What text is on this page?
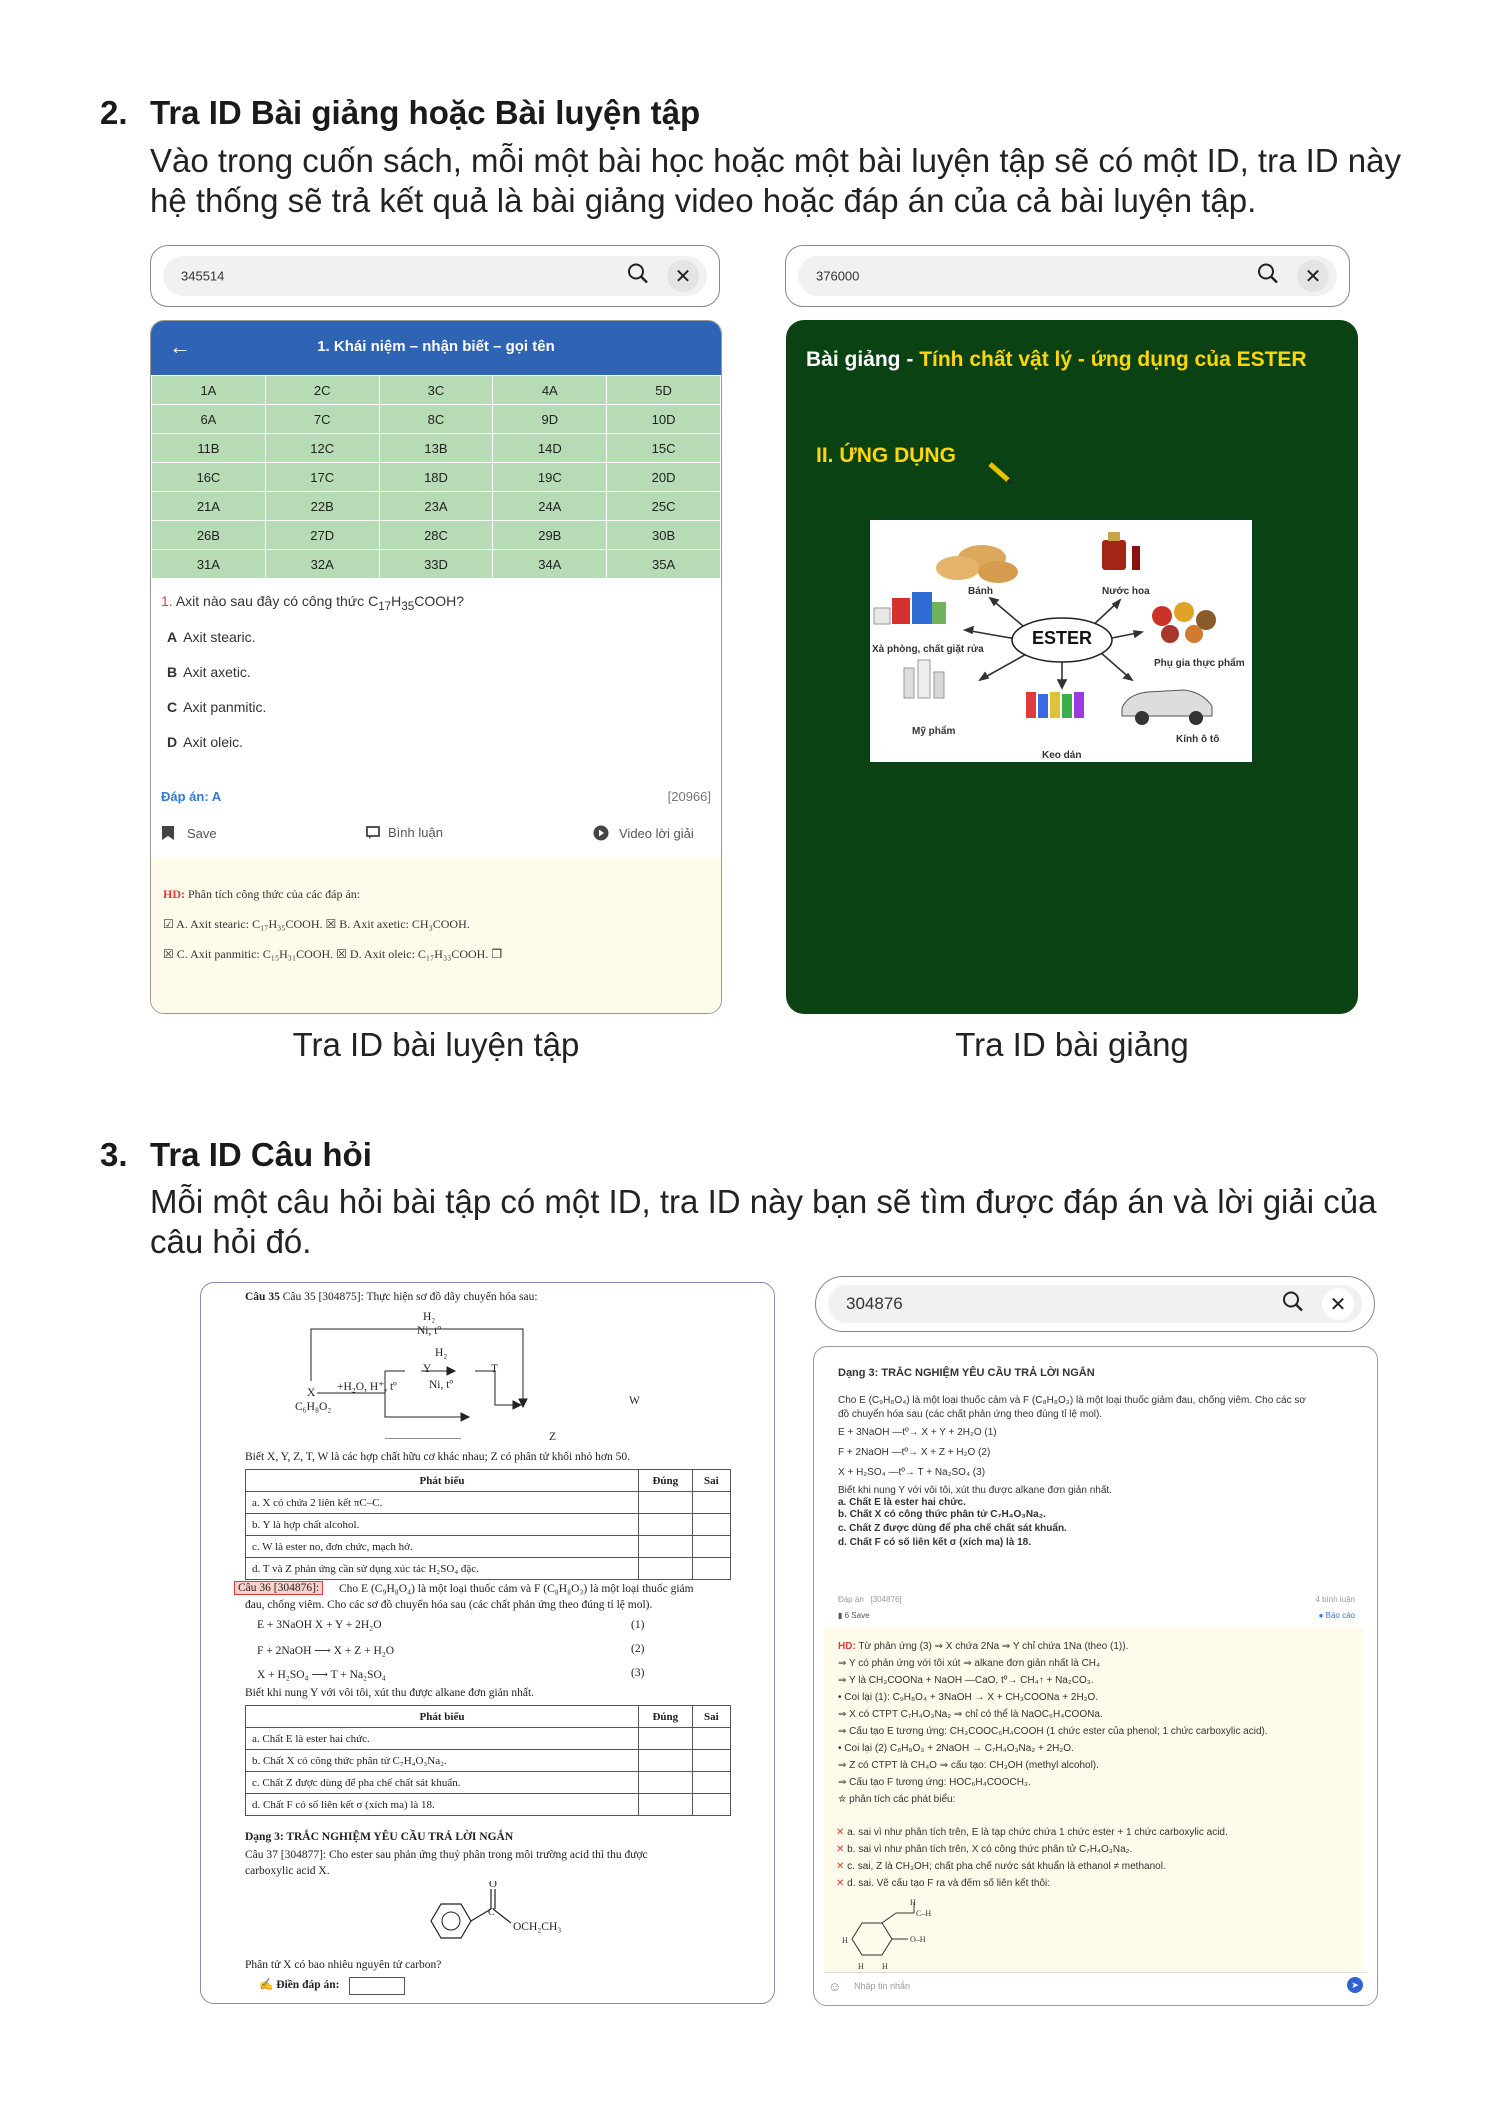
2. Tra ID Bài giảng hoặc Bài luyện tập
Vào trong cuốn sách, mỗi một bài học hoặc một bài luyện tập sẽ có một ID, tra ID này
hệ thống sẽ trả kết quả là bài giảng video hoặc đáp án của cả bài luyện tập.
345514	✕	376000	✕
←	1. Khái niệm – nhận biết – gọi tên
1A	2C	3C	4A	5D
6A	7C	8C	9D	10D
11B	12C	13B	14D	15C
16C	17C	18D	19C	20D
21A	22B	23A	24A	25C
26B	27D	28C	29B	30B
31A	32A	33D	34A	35A
1. Axit nào sau đây có công thức $C_{17}H_{35}COOH$?
A Axit stearic.
B Axit axetic.
C Axit panmitic.
D Axit oleic.
Đáp án: A	[20966]
Save	Bình luận	Video lời giải
HD: Phân tích công thức của các đáp án:
☑ A. Axit stearic: C₁₇H₃₅COOH. ☒ B. Axit axetic: CH₃COOH.
☒ C. Axit panmitic: C₁₅H₃₁COOH. ☒ D. Axit oleic: C₁₇H₃₃COOH. ❐
Bài giảng - Tính chất vật lý - ứng dụng của ESTER
II. ỨNG DỤNG
ESTER
Bánh	Nước hoa
Xà phòng, chất giặt rửa
Phụ gia thực phẩm
Mỹ phẩm
Kính ô tô
Keo dán
Tra ID bài luyện tập	Tra ID bài giảng
3. Tra ID Câu hỏi
Mỗi một câu hỏi bài tập có một ID, tra ID này bạn sẽ tìm được đáp án và lời giải của
câu hỏi đó.
Câu 35 Câu 35 [304875]: Thực hiện sơ đồ dãy chuyển hóa sau:
H₂
Ni, tº
H₂
Ni, tº
Y	T
+H₂O, H⁺, tº
X
C₆H₈O₂	W
Z
Biết X, Y, Z, T, W là các hợp chất hữu cơ khác nhau; Z có phân tử khối nhỏ hơn 50.
Phát biểu	Đúng	Sai
a. X có chứa 2 liên kết πC–C.		
b. Y là hợp chất alcohol.		
c. W là ester no, đơn chức, mạch hở.		
d. T và Z phản ứng cần sử dụng xúc tác H₂SO₄ đặc.		
Câu 36 [304876]:	Cho E (C₉H₈O₄) là một loại thuốc cảm và F (C₈H₈O₃) là một loại thuốc giảm
đau, chống viêm. Cho các sơ đồ chuyển hóa sau (các chất phản ứng theo đúng tỉ lệ mol).
E + 3NaOH X + Y + 2H₂O	(1)
F + 2NaOH ⟶ X + Z + H₂O	(2)
X + H₂SO₄ ⟶ T + Na₂SO₄	(3)
Biết khi nung Y với vôi tôi, xút thu được alkane đơn giản nhất.
Phát biểu	Đúng	Sai
a. Chất E là ester hai chức.		
b. Chất X có công thức phân tử C₇H₄O₃Na₂.		
c. Chất Z được dùng để pha chế chất sát khuẩn.		
d. Chất F có số liên kết σ (xích ma) là 18.		
Dạng 3: TRẮC NGHIỆM YÊU CẦU TRẢ LỜI NGẮN
Câu 37 [304877]: Cho ester sau phản ứng thuỷ phân trong môi trường acid thì thu được
carboxylic acid X.
O
C
OCH₂CH₃
Phân tử X có bao nhiêu nguyên tử carbon?
✍ Điền đáp án:
304876	✕
Dạng 3: TRẮC NGHIỆM YÊU CẦU TRẢ LỜI NGẮN
Cho E (C₉H₈O₄) là một loại thuốc cảm và F (C₈H₈O₃) là một loại thuốc giảm đau, chống viêm. Cho các sơ
đồ chuyển hóa sau (các chất phản ứng theo đúng tỉ lệ mol).
E + 3NaOH —tº→ X + Y + 2H₂O (1)
F + 2NaOH —tº→ X + Z + H₂O (2)
X + H₂SO₄ —tº→ T + Na₂SO₄ (3)
Biết khi nung Y với vôi tôi, xút thu được alkane đơn giản nhất.
a. Chất E là ester hai chức.
b. Chất X có công thức phân tử C₇H₄O₃Na₂.
c. Chất Z được dùng để pha chế chất sát khuẩn.
d. Chất F có số liên kết σ (xích ma) là 18.
Đáp án [304876]	4 bình luận
▮ 6 Save	● Báo cáo
HD: Từ phản ứng (3) ⇒ X chứa 2Na ⇒ Y chỉ chứa 1Na (theo (1)).
⇒ Y có phản ứng với tôi xút ⇒ alkane đơn giản nhất là CH₄
⇒ Y là CH₃COONa + NaOH —CaO, tº→ CH₄↑ + Na₂CO₃.
• Coi lại (1): C₉H₈O₄ + 3NaOH → X + CH₃COONa + 2H₂O.
⇒ X có CTPT C₇H₄O₃Na₂ ⇒ chỉ có thể là NaOC₆H₄COONa.
⇒ Cấu tạo E tương ứng: CH₃COOC₆H₄COOH (1 chức ester của phenol; 1 chức carboxylic acid).
• Coi lại (2) C₈H₈O₃ + 2NaOH → C₇H₄O₃Na₂ + 2H₂O.
⇒ Z có CTPT là CH₄O ⇒ cấu tạo: CH₃OH (methyl alcohol).
⇒ Cấu tạo F tương ứng: HOC₆H₄COOCH₃.
✮ phân tích các phát biểu:
✕ a. sai vì như phân tích trên, E là tạp chức chứa 1 chức ester + 1 chức carboxylic acid.
✕ b. sai vì như phân tích trên, X có công thức phân tử C₇H₄O₃Na₂.
✕ c. sai, Z là CH₃OH; chất pha chế nước sát khuẩn là ethanol ≠ methanol.
✕ d. sai. Vẽ cấu tạo F ra và đếm số liên kết thôi:
H
C–H
O–H
H
H H
☺ Nhập tin nhắn	➤
